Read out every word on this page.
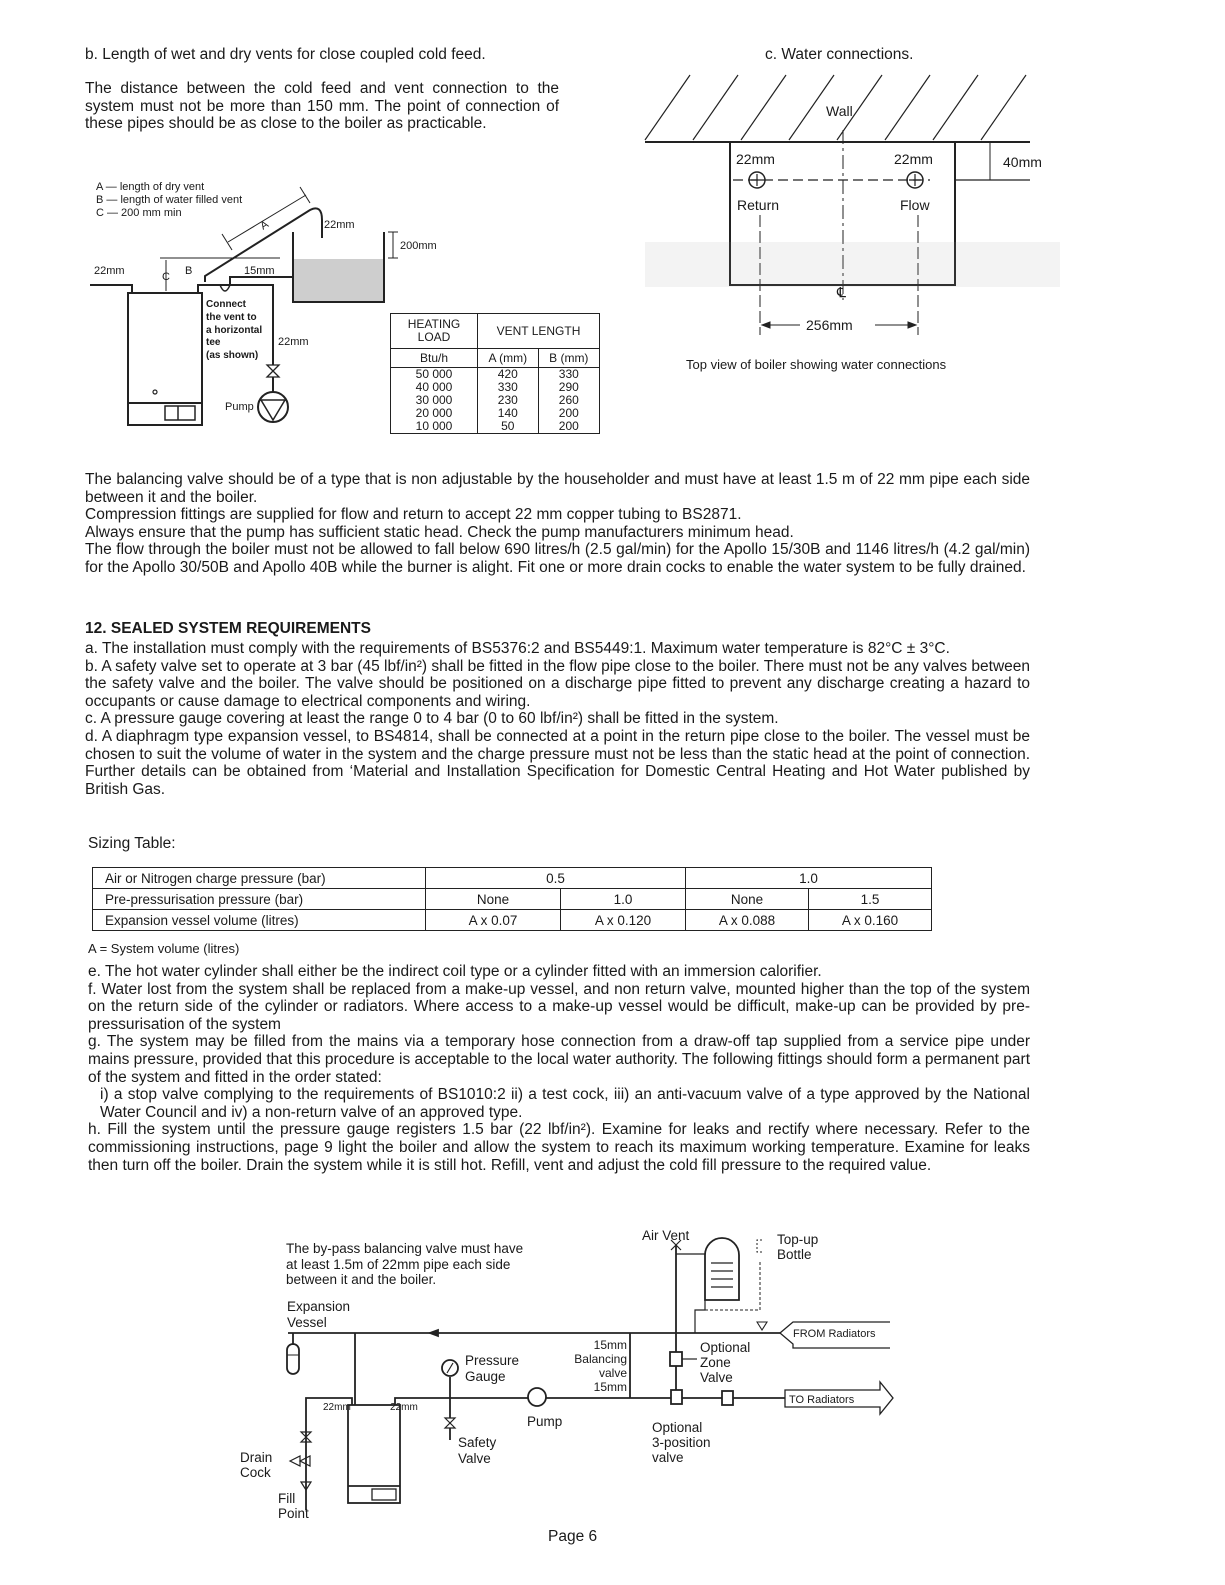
b. Length of wet and dry vents for close coupled cold feed.

The distance between the cold feed and vent connection to the system must not be more than 150 mm. The point of connection of these pipes should be as close to the boiler as practicable.

A — length of dry vent
B — length of water filled vent
C — 200 mm min
22mm
200mm
22mm	15mm
22mm
Pump
A
B
C
Connect
the vent to
a horizontal
tee
(as shown)
HEATING LOAD	VENT LENGTH	
Btu/h	A (mm)	B (mm)
50 000	420	330
40 000	330	290
30 000	230	260
20 000	140	200
10 000	50	200
c. Water connections.
Wall
22mm	22mm
Return	Flow
40mm
℄
256mm
Top view of boiler showing water connections

The balancing valve should be of a type that is non adjustable by the householder and must have at least 1.5 m of 22 mm pipe each side between it and the boiler.

Compression fittings are supplied for flow and return to accept 22 mm copper tubing to BS2871.

Always ensure that the pump has sufficient static head. Check the pump manufacturers minimum head.

The flow through the boiler must not be allowed to fall below 690 litres/h (2.5 gal/min) for the Apollo 15/30B and 1146 litres/h (4.2 gal/min) for the Apollo 30/50B and Apollo 40B while the burner is alight. Fit one or more drain cocks to enable the water system to be fully drained.

12. SEALED SYSTEM REQUIREMENTS

a. The installation must comply with the requirements of BS5376:2 and BS5449:1. Maximum water temperature is 82°C ± 3°C.

b. A safety valve set to operate at 3 bar (45 lbf/in²) shall be fitted in the flow pipe close to the boiler. There must not be any valves between the safety valve and the boiler. The valve should be positioned on a discharge pipe fitted to prevent any discharge creating a hazard to occupants or cause damage to electrical components and wiring.

c. A pressure gauge covering at least the range 0 to 4 bar (0 to 60 lbf/in²) shall be fitted in the system.

d. A diaphragm type expansion vessel, to BS4814, shall be connected at a point in the return pipe close to the boiler. The vessel must be chosen to suit the volume of water in the system and the charge pressure must not be less than the static head at the point of connection. Further details can be obtained from ‘Material and Installation Specification for Domestic Central Heating and Hot Water published by British Gas.

Sizing Table:
Air or Nitrogen charge pressure (bar)	0.5		1.0	
Pre-pressurisation pressure (bar)	None	1.0	None	1.5
Expansion vessel volume (litres)	A x 0.07	A x 0.120	A x 0.088	A x 0.160
A = System volume (litres)

e. The hot water cylinder shall either be the indirect coil type or a cylinder fitted with an immersion calorifier.

f. Water lost from the system shall be replaced from a make-up vessel, and non return valve, mounted higher than the top of the system on the return side of the cylinder or radiators. Where access to a make-up vessel would be difficult, make-up can be provided by pre-pressurisation of the system

g. The system may be filled from the mains via a temporary hose connection from a draw-off tap supplied from a service pipe under mains pressure, provided that this procedure is acceptable to the local water authority. The following fittings should form a permanent part of the system and fitted in the order stated:

i) a stop valve complying to the requirements of BS1010:2 ii) a test cock, iii) an anti-vacuum valve of a type approved by the National Water Council and iv) a non-return valve of an approved type.

h. Fill the system until the pressure gauge registers 1.5 bar (22 lbf/in²). Examine for leaks and rectify where necessary. Refer to the commissioning instructions, page 9 light the boiler and allow the system to reach its maximum working temperature. Examine for leaks then turn off the boiler. Drain the system while it is still hot. Refill, vent and adjust the cold fill pressure to the required value.

The by-pass balancing valve must have
at least 1.5m of 22mm pipe each side
between it and the boiler.
Expansion
Vessel
Air Vent	Top-up
Bottle
Pressure
Gauge
Optional
Zone
Valve
Pump
Safety
Valve
Optional
3-position
valve
Drain
Cock
Fill
Point
15mm
Balancing
valve
15mm
22mm	22mm
FROM Radiators
TO Radiators
Page 6
